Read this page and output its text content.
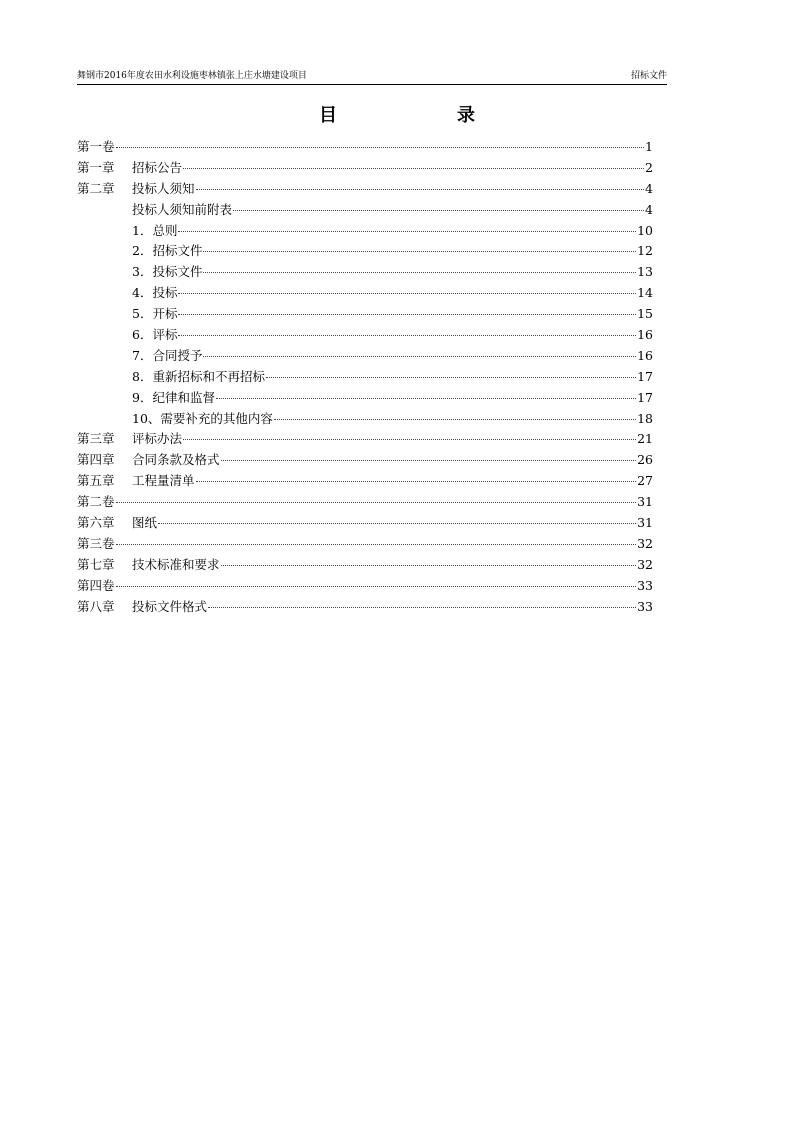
舞钢市2016年度农田水利设施枣林镇张上庄水塘建设项目	招标文件
目　　录
第一卷	1
第一章	招标公告	2
第二章	投标人须知	4
投标人须知前附表	4
1．总则	10
2．招标文件	12
3．投标文件	13
4．投标	14
5．开标	15
6．评标	16
7．合同授予	16
8．重新招标和不再招标	17
9．纪律和监督	17
10、需要补充的其他内容	18
第三章	评标办法	21
第四章	合同条款及格式	26
第五章	工程量清单	27
第二卷	31
第六章	图纸	31
第三卷	32
第七章	技术标准和要求	32
第四卷	33
第八章	投标文件格式	33
